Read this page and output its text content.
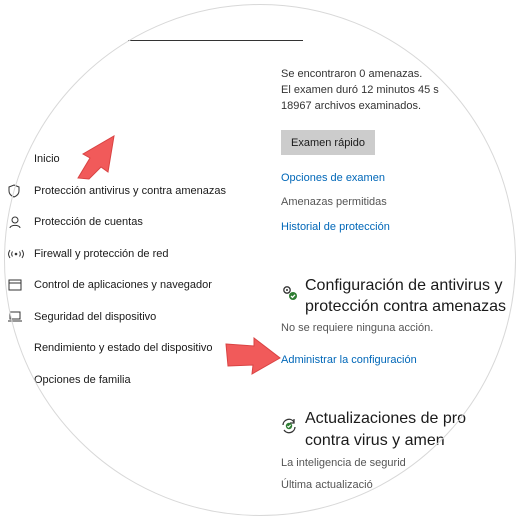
Inicio
Protección antivirus y contra amenazas
Protección de cuentas
Firewall y protección de red
Control de aplicaciones y navegador
Seguridad del dispositivo
Rendimiento y estado del dispositivo
Opciones de familia
Se encontraron 0 amenazas.
El examen duró 12 minutos 45 s
18967 archivos examinados.
Examen rápido
Opciones de examen
Amenazas permitidas
Historial de protección
Configuración de antivirus y
protección contra amenazas
No se requiere ninguna acción.
Administrar la configuración
Actualizaciones de pro
contra virus y amen
La inteligencia de segurid
Última actualizació
